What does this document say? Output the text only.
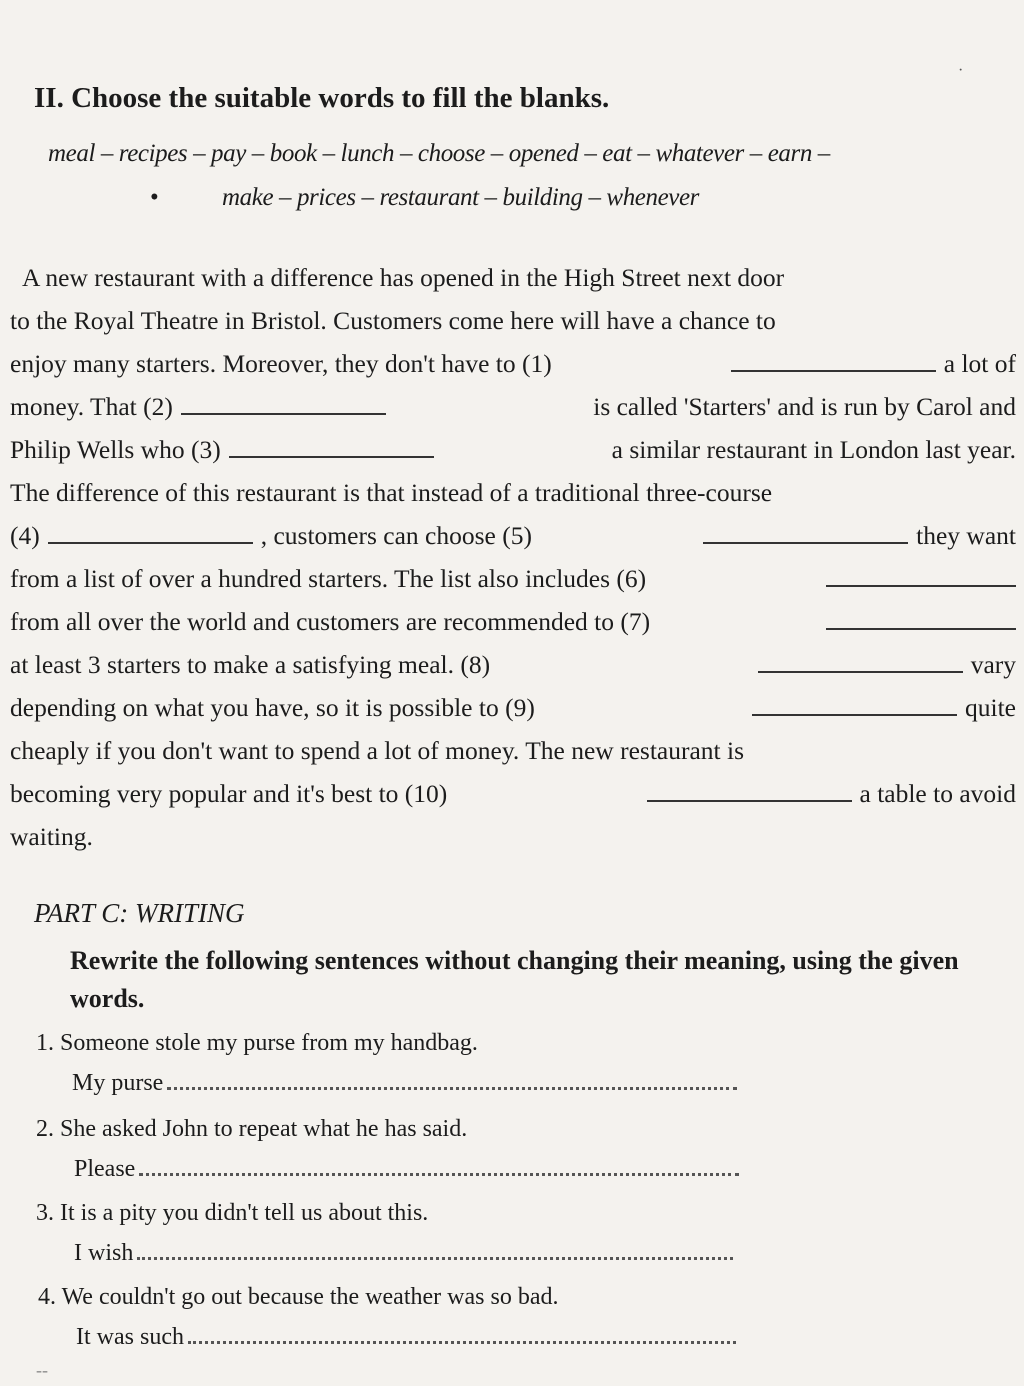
·
II. Choose the suitable words to fill the blanks.
meal – recipes – pay – book – lunch – choose – opened – eat – whatever – earn –
•	make – prices – restaurant – building – whenever
A new restaurant with a difference has opened in the High Street next door
to the Royal Theatre in Bristol. Customers come here will have a chance to
enjoy many starters. Moreover, they don't have to (1)	a lot of
money. That (2)	is called 'Starters' and is run by Carol and
Philip Wells who (3)	a similar restaurant in London last year.
The difference of this restaurant is that instead of a traditional three-course
(4)	, customers can choose (5)	they want
from a list of over a hundred starters. The list also includes (6)
from all over the world and customers are recommended to (7)
at least 3 starters to make a satisfying meal. (8)	vary
depending on what you have, so it is possible to (9)	quite
cheaply if you don't want to spend a lot of money. The new restaurant is
becoming very popular and it's best to (10)	a table to avoid
waiting.
PART C: WRITING
Rewrite the following sentences without changing their meaning, using the given words.
1. Someone stole my purse from my handbag.
My purse
2. She asked John to repeat what he has said.
Please
3. It is a pity you didn't tell us about this.
I wish
4. We couldn't go out because the weather was so bad.
It was such
--
